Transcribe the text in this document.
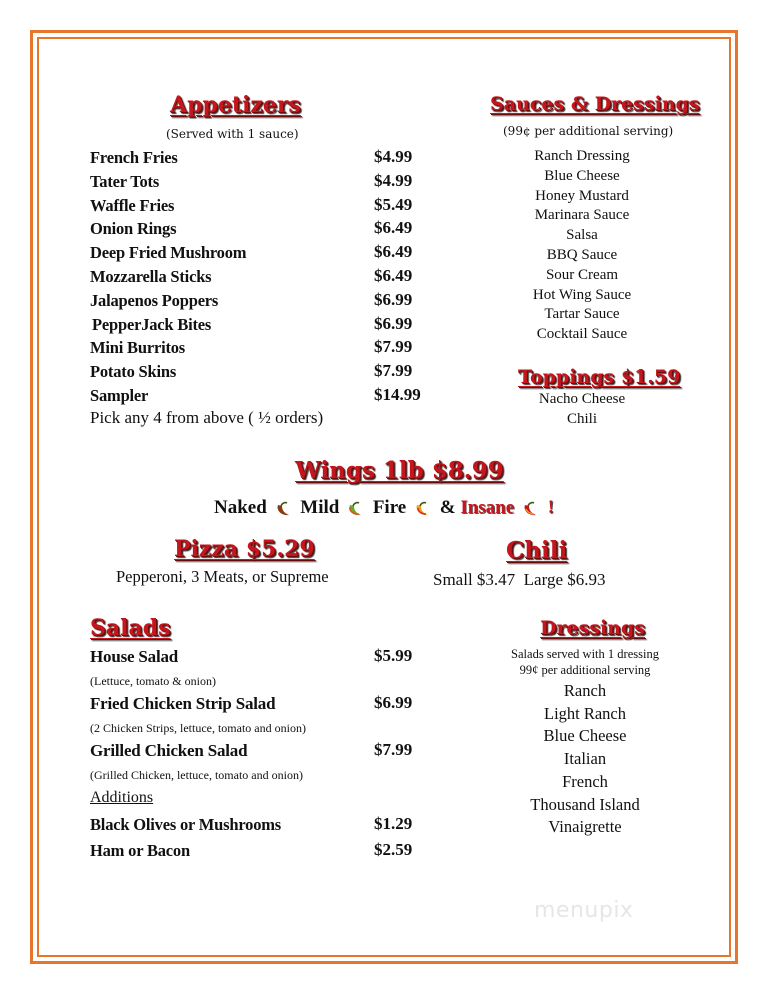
Appetizers
(Served with 1 sauce)
French Fries	$4.99
Tater Tots	$4.99
Waffle Fries	$5.49
Onion Rings	$6.49
Deep Fried Mushroom	$6.49
Mozzarella Sticks	$6.49
Jalapenos Poppers	$6.99
PepperJack Bites	$6.99
Mini Burritos	$7.99
Potato Skins	$7.99
Sampler	$14.99
Pick any 4 from above ( ½ orders)
Sauces & Dressings
(99¢ per additional serving)
Ranch Dressing
Blue Cheese
Honey Mustard
Marinara Sauce
Salsa
BBQ Sauce
Sour Cream
Hot Wing Sauce
Tartar Sauce
Cocktail Sauce
Toppings $1.59
Nacho Cheese
Chili
Wings 1lb $8.99
Naked Mild Fire & Insane !
Pizza $5.29
Pepperoni, 3 Meats, or Supreme
Chili
Small $3.47  Large $6.93
Salads
House Salad	$5.99
(Lettuce, tomato & onion)
Fried Chicken Strip Salad	$6.99
(2 Chicken Strips, lettuce, tomato and onion)
Grilled Chicken Salad	$7.99
(Grilled Chicken, lettuce, tomato and onion)
Additions
Black Olives or Mushrooms	$1.29
Ham or Bacon	$2.59
Dressings
Salads served with 1 dressing
99¢ per additional serving
Ranch
Light Ranch
Blue Cheese
Italian
French
Thousand Island
Vinaigrette
menupix
